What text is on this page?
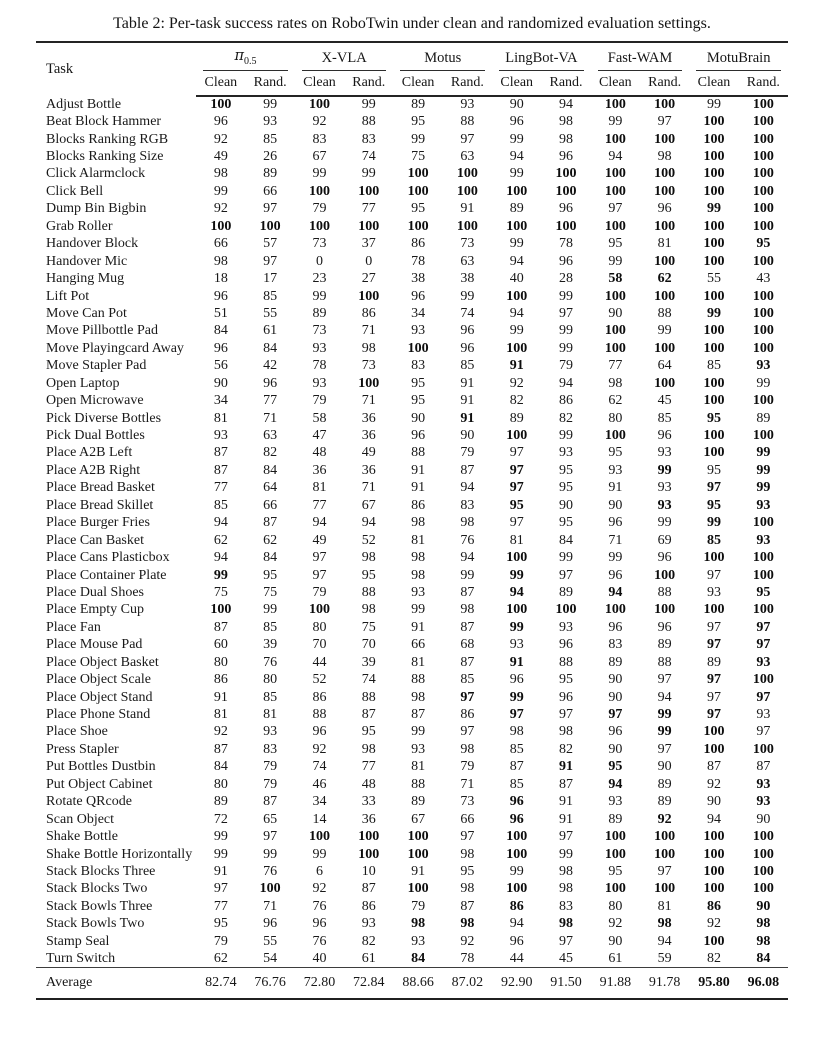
Table 2: Per-task success rates on RoboTwin under clean and randomized evaluation settings.
Task	$\pi_{0.5}$		X-VLA		Motus		LingBot-VA		Fast-WAM		MotuBrain	

	Clean	Rand.	Clean	Rand.	Clean	Rand.	Clean	Rand.	Clean	Rand.	Clean	Rand.
Adjust Bottle	100	99	100	99	89	93	90	94	100	100	99	100
Beat Block Hammer	96	93	92	88	95	88	96	98	99	97	100	100
Blocks Ranking RGB	92	85	83	83	99	97	99	98	100	100	100	100
Blocks Ranking Size	49	26	67	74	75	63	94	96	94	98	100	100
Click Alarmclock	98	89	99	99	100	100	99	100	100	100	100	100
Click Bell	99	66	100	100	100	100	100	100	100	100	100	100
Dump Bin Bigbin	92	97	79	77	95	91	89	96	97	96	99	100
Grab Roller	100	100	100	100	100	100	100	100	100	100	100	100
Handover Block	66	57	73	37	86	73	99	78	95	81	100	95
Handover Mic	98	97	0	0	78	63	94	96	99	100	100	100
Hanging Mug	18	17	23	27	38	38	40	28	58	62	55	43
Lift Pot	96	85	99	100	96	99	100	99	100	100	100	100
Move Can Pot	51	55	89	86	34	74	94	97	90	88	99	100
Move Pillbottle Pad	84	61	73	71	93	96	99	99	100	99	100	100
Move Playingcard Away	96	84	93	98	100	96	100	99	100	100	100	100
Move Stapler Pad	56	42	78	73	83	85	91	79	77	64	85	93
Open Laptop	90	96	93	100	95	91	92	94	98	100	100	99
Open Microwave	34	77	79	71	95	91	82	86	62	45	100	100
Pick Diverse Bottles	81	71	58	36	90	91	89	82	80	85	95	89
Pick Dual Bottles	93	63	47	36	96	90	100	99	100	96	100	100
Place A2B Left	87	82	48	49	88	79	97	93	95	93	100	99
Place A2B Right	87	84	36	36	91	87	97	95	93	99	95	99
Place Bread Basket	77	64	81	71	91	94	97	95	91	93	97	99
Place Bread Skillet	85	66	77	67	86	83	95	90	90	93	95	93
Place Burger Fries	94	87	94	94	98	98	97	95	96	99	99	100
Place Can Basket	62	62	49	52	81	76	81	84	71	69	85	93
Place Cans Plasticbox	94	84	97	98	98	94	100	99	99	96	100	100
Place Container Plate	99	95	97	95	98	99	99	97	96	100	97	100
Place Dual Shoes	75	75	79	88	93	87	94	89	94	88	93	95
Place Empty Cup	100	99	100	98	99	98	100	100	100	100	100	100
Place Fan	87	85	80	75	91	87	99	93	96	96	97	97
Place Mouse Pad	60	39	70	70	66	68	93	96	83	89	97	97
Place Object Basket	80	76	44	39	81	87	91	88	89	88	89	93
Place Object Scale	86	80	52	74	88	85	96	95	90	97	97	100
Place Object Stand	91	85	86	88	98	97	99	96	90	94	97	97
Place Phone Stand	81	81	88	87	87	86	97	97	97	99	97	93
Place Shoe	92	93	96	95	99	97	98	98	96	99	100	97
Press Stapler	87	83	92	98	93	98	85	82	90	97	100	100
Put Bottles Dustbin	84	79	74	77	81	79	87	91	95	90	87	87
Put Object Cabinet	80	79	46	48	88	71	85	87	94	89	92	93
Rotate QRcode	89	87	34	33	89	73	96	91	93	89	90	93
Scan Object	72	65	14	36	67	66	96	91	89	92	94	90
Shake Bottle	99	97	100	100	100	97	100	97	100	100	100	100
Shake Bottle Horizontally	99	99	99	100	100	98	100	99	100	100	100	100
Stack Blocks Three	91	76	6	10	91	95	99	98	95	97	100	100
Stack Blocks Two	97	100	92	87	100	98	100	98	100	100	100	100
Stack Bowls Three	77	71	76	86	79	87	86	83	80	81	86	90
Stack Bowls Two	95	96	96	93	98	98	94	98	92	98	92	98
Stamp Seal	79	55	76	82	93	92	96	97	90	94	100	98
Turn Switch	62	54	40	61	84	78	44	45	61	59	82	84
Average	82.74	76.76	72.80	72.84	88.66	87.02	92.90	91.50	91.88	91.78	95.80	96.08
